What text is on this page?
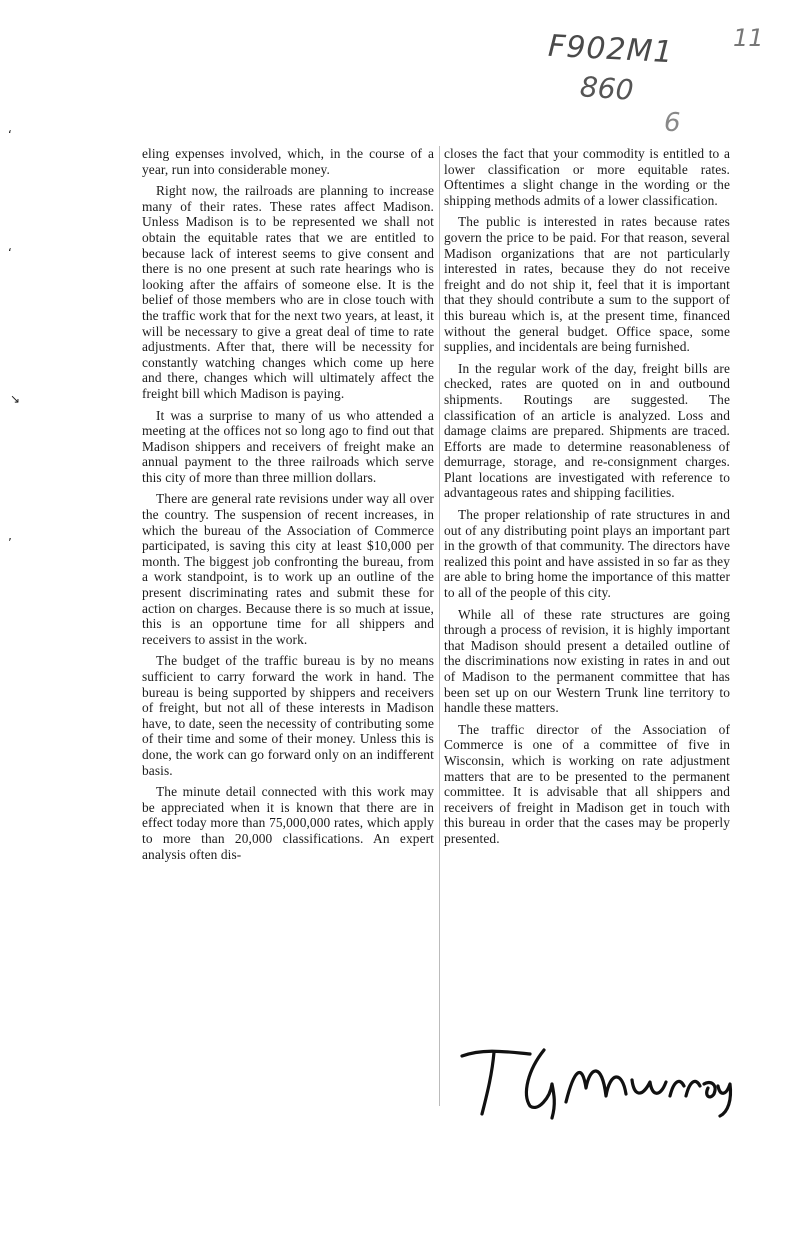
F902M1
860
11
6
‘
‘
↘
’

eling expenses involved, which, in the course of a year, run into considerable money.

Right now, the railroads are planning to increase many of their rates. These rates affect Madison. Unless Madison is to be represented we shall not obtain the equitable rates that we are entitled to because lack of interest seems to give consent and there is no one present at such rate hearings who is looking after the affairs of someone else. It is the belief of those members who are in close touch with the traffic work that for the next two years, at least, it will be necessary to give a great deal of time to rate adjustments. After that, there will be necessity for constantly watching changes which come up here and there, changes which will ultimately affect the freight bill which Madison is paying.

It was a surprise to many of us who attended a meeting at the offices not so long ago to find out that Madison shippers and receivers of freight make an annual payment to the three railroads which serve this city of more than three million dollars.

There are general rate revisions under way all over the country. The suspension of recent increases, in which the bureau of the Association of Commerce participated, is saving this city at least $10,000 per month. The biggest job confronting the bureau, from a work standpoint, is to work up an outline of the present discriminating rates and submit these for action on charges. Because there is so much at issue, this is an opportune time for all shippers and receivers to assist in the work.

The budget of the traffic bureau is by no means sufficient to carry forward the work in hand. The bureau is being supported by shippers and receivers of freight, but not all of these interests in Madison have, to date, seen the necessity of contributing some of their time and some of their money. Unless this is done, the work can go forward only on an indifferent basis.

The minute detail connected with this work may be appreciated when it is known that there are in effect today more than 75,000,000 rates, which apply to more than 20,000 classifications. An expert analysis often dis-

closes the fact that your commodity is entitled to a lower classification or more equitable rates. Oftentimes a slight change in the wording or the shipping methods admits of a lower classification.

The public is interested in rates because rates govern the price to be paid. For that reason, several Madison organizations that are not particularly interested in rates, because they do not receive freight and do not ship it, feel that it is important that they should contribute a sum to the support of this bureau which is, at the present time, financed without the general budget. Office space, some supplies, and incidentals are being furnished.

In the regular work of the day, freight bills are checked, rates are quoted on in and outbound shipments. Routings are suggested. The classification of an article is analyzed. Loss and damage claims are prepared. Shipments are traced. Efforts are made to determine reasonableness of demurrage, storage, and re-consignment charges. Plant locations are investigated with reference to advantageous rates and shipping facilities.

The proper relationship of rate structures in and out of any distributing point plays an important part in the growth of that community. The directors have realized this point and have assisted in so far as they are able to bring home the importance of this matter to all of the people of this city.

While all of these rate structures are going through a process of revision, it is highly important that Madison should present a detailed outline of the discriminations now existing in rates in and out of Madison to the permanent committee that has been set up on our Western Trunk line territory to handle these matters.

The traffic director of the Association of Commerce is one of a committee of five in Wisconsin, which is working on rate adjustment matters that are to be presented to the permanent committee. It is advisable that all shippers and receivers of freight in Madison get in touch with this bureau in order that the cases may be properly presented.
